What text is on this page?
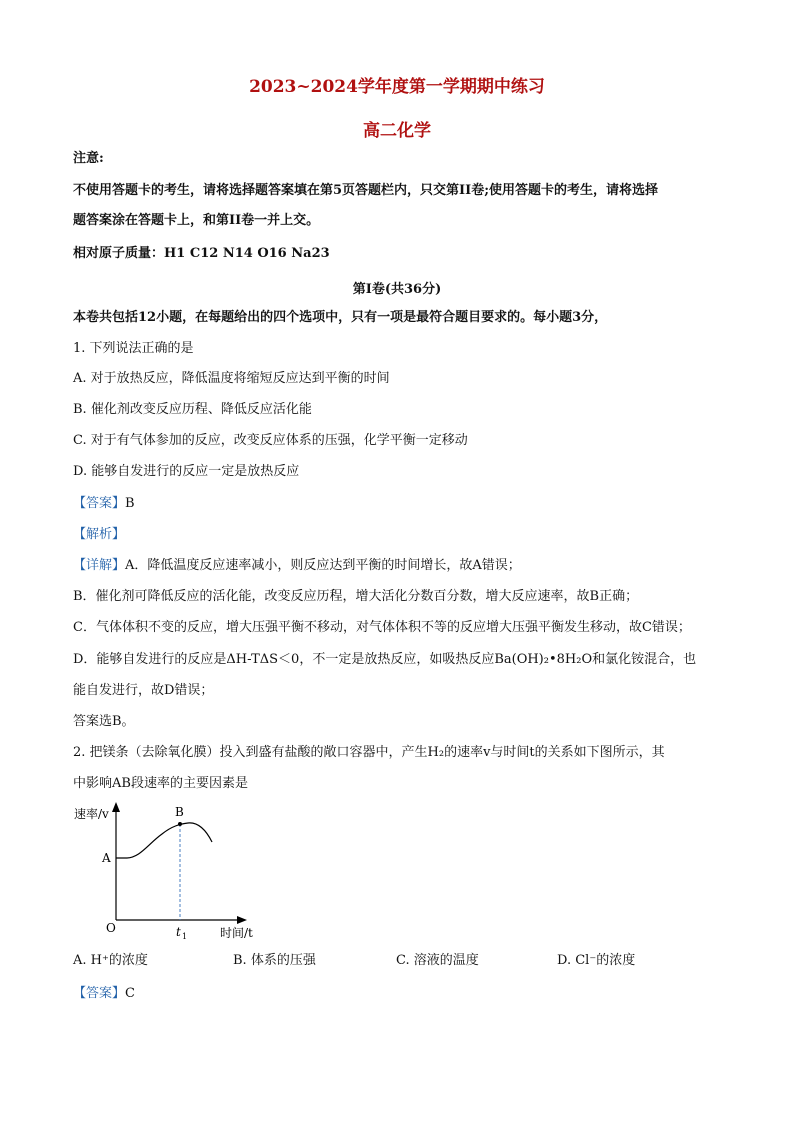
2023~2024学年度第一学期期中练习
高二化学
注意:
不使用答题卡的考生，请将选择题答案填在第5页答题栏内，只交第II卷;使用答题卡的考生，请将选择
题答案涂在答题卡上，和第II卷一并上交。
相对原子质量：H1 C12 N14 O16 Na23
第I卷(共36分)
本卷共包括12小题，在每题给出的四个选项中，只有一项是最符合题目要求的。每小题3分，
1. 下列说法正确的是
A. 对于放热反应，降低温度将缩短反应达到平衡的时间
B. 催化剂改变反应历程、降低反应活化能
C. 对于有气体参加的反应，改变反应体系的压强，化学平衡一定移动
D. 能够自发进行的反应一定是放热反应
【答案】B
【解析】
【详解】A．降低温度反应速率减小，则反应达到平衡的时间增长，故A错误；
B．催化剂可降低反应的活化能，改变反应历程，增大活化分数百分数，增大反应速率，故B正确；
C．气体体积不变的反应，增大压强平衡不移动，对气体体积不等的反应增大压强平衡发生移动，故C错误；
D．能够自发进行的反应是ΔH-TΔS＜0，不一定是放热反应，如吸热反应Ba(OH)₂•8H₂O和氯化铵混合，也
能自发进行，故D错误；
答案选B。
2. 把镁条（去除氧化膜）投入到盛有盐酸的敞口容器中，产生H₂的速率v与时间t的关系如下图所示，其
中影响AB段速率的主要因素是
速率/v
A
B
O	t 1	时间/t
A. H⁺的浓度	B. 体系的压强	C. 溶液的温度	D. Cl⁻的浓度
【答案】C
